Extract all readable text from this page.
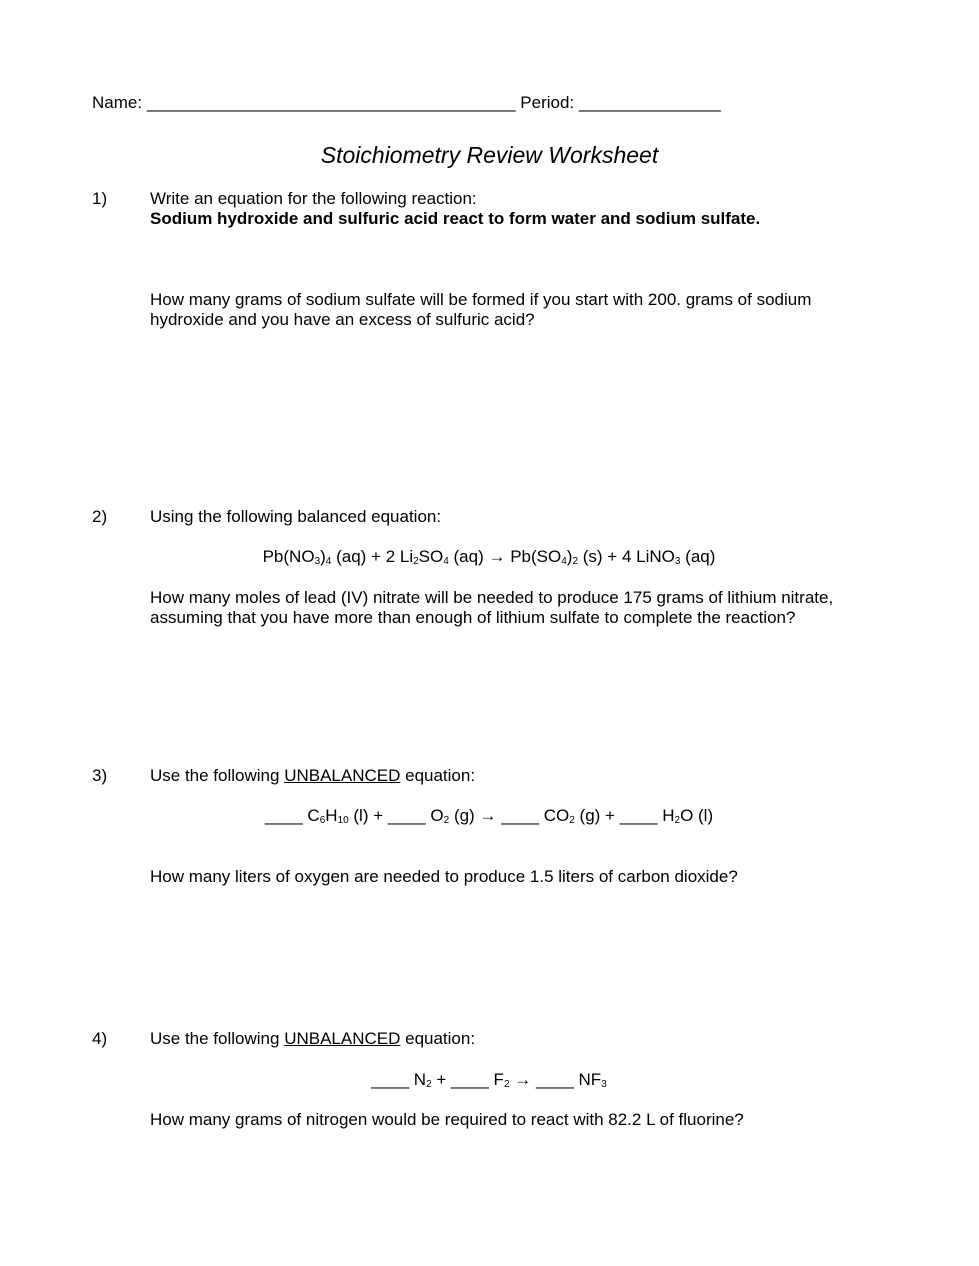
Name: _______________________________________ Period: _______________
Stoichiometry Review Worksheet
1)	Write an equation for the following reaction:
Sodium hydroxide and sulfuric acid react to form water and sodium sulfate.
How many grams of sodium sulfate will be formed if you start with 200. grams of sodium
hydroxide and you have an excess of sulfuric acid?
2)	Using the following balanced equation:
$Pb(NO_3)_4$ (aq) + 2 $Li_2SO_4$ $(aq) \to Pb(SO_4)_2$ (s) + 4 LiNO$_3$ (aq)
How many moles of lead (IV) nitrate will be needed to produce 175 grams of lithium nitrate,
assuming that you have more than enough of lithium sulfate to complete the reaction?
3)	Use the following UNBALANCED equation:
____ $C_6H_{10}$ (l) + ____ $O_2$ (g) → ____ $CO_2$ (g) + ____ $H_2O$ (l)
How many liters of oxygen are needed to produce 1.5 liters of carbon dioxide?
4)	Use the following UNBALANCED equation:
____ $N_2$ + ____ $F_2$ → ____ $NF_3$
How many grams of nitrogen would be required to react with 82.2 L of fluorine?
